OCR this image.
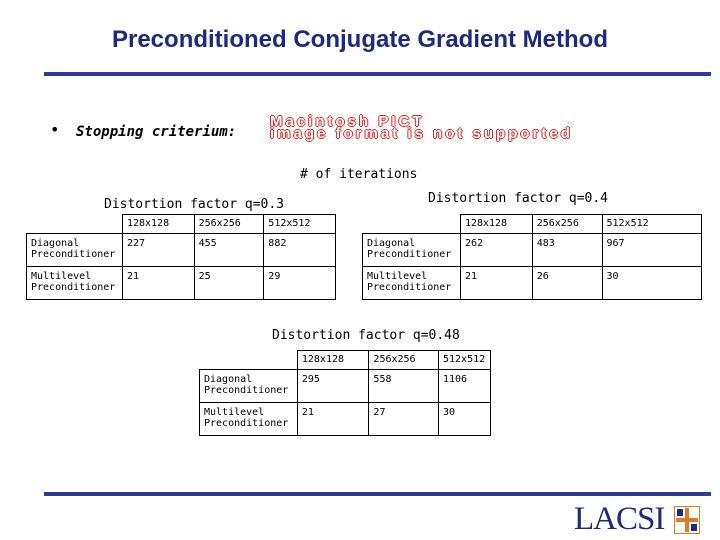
Preconditioned Conjugate Gradient Method
• Stopping criterium:
Macintosh PICT
image format is not supported
# of iterations
Distortion factor q=0.3
	128x128	256x256	512x512
Diagonal Preconditioner	227	455	882
Multilevel Preconditioner	21	25	29
Distortion factor q=0.4
	128x128	256x256	512x512
Diagonal Preconditioner	262	483	967
Multilevel Preconditioner	21	26	30
Distortion factor q=0.48
	128x128	256x256	512x512
Diagonal Preconditioner	295	558	1106
Multilevel Preconditioner	21	27	30
LACSI
